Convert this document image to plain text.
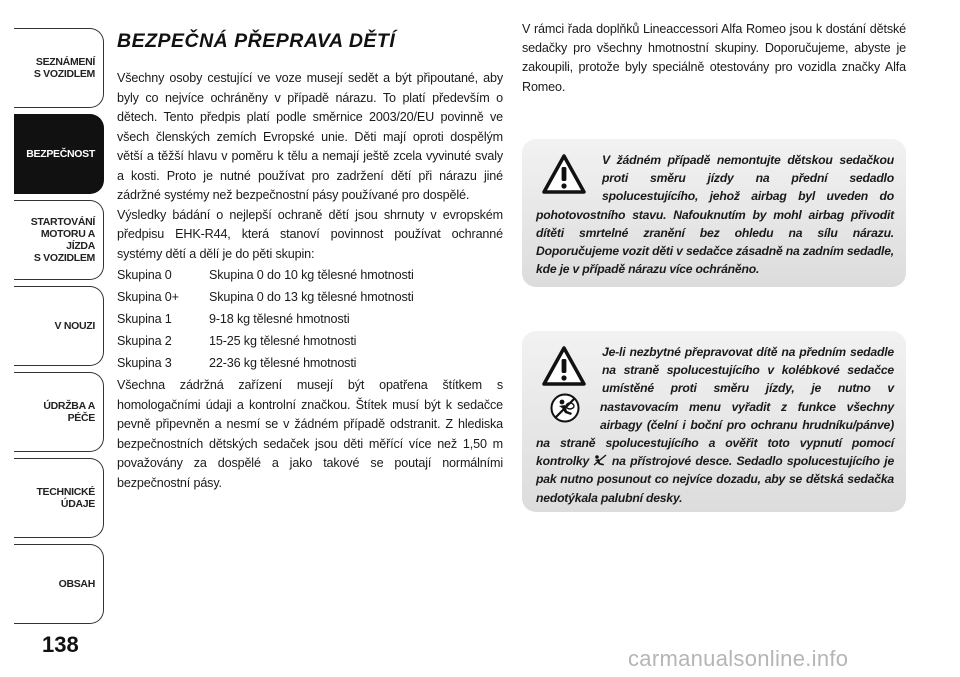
SEZNÁMENÍ
S VOZIDLEM
BEZPEČNOST
STARTOVÁNÍ
MOTORU A JÍZDA
S VOZIDLEM
V NOUZI
ÚDRŽBA A PÉČE
TECHNICKÉ
ÚDAJE
OBSAH
138
BEZPEČNÁ PŘEPRAVA DĚTÍ

Všechny osoby cestující ve voze musejí sedět a být připoutané, aby byly co nejvíce ochráněny v případě nárazu. To platí především o dětech. Tento předpis platí podle směrnice 2003/20/EU povinně ve všech členských zemích Evropské unie. Děti mají oproti dospělým větší a těžší hlavu v poměru k tělu a nemají ještě zcela vyvinuté svaly a kosti. Proto je nutné používat pro zadržení dětí při nárazu jiné zádržné systémy než bezpečnostní pásy používané pro dospělé.

Výsledky bádání o nejlepší ochraně dětí jsou shrnuty v evropském předpisu EHK-R44, která stanoví povinnost používat ochranné systémy dětí a dělí je do pěti skupin:

Skupina 0	Skupina 0 do 10 kg tělesné hmotnosti
Skupina 0+	Skupina 0 do 13 kg tělesné hmotnosti
Skupina 1	9-18 kg tělesné hmotnosti
Skupina 2	15-25 kg tělesné hmotnosti
Skupina 3	22-36 kg tělesné hmotnosti

Všechna zádržná zařízení musejí být opatřena štítkem s homologačními údaji a kontrolní značkou. Štítek musí být k sedačce pevně připevněn a nesmí se v žádném případě odstranit. Z hlediska bezpečnostních dětských sedaček jsou děti měřící více než 1,50 m považovány za dospělé a jako takové se poutají normálními bezpečnostní pásy.

V rámci řada doplňků Lineaccessori Alfa Romeo jsou k dostání dětské sedačky pro všechny hmotnostní skupiny. Doporučujeme, abyste je zakoupili, protože byly speciálně otestovány pro vozidla značky Alfa Romeo.

V žádném případě nemontujte dětskou sedačkou proti směru jízdy na přední sedadlo spolucestujícího, jehož airbag byl uveden do pohotovostního stavu. Nafouknutím by mohl airbag přivodit dítěti smrtelné zranění bez ohledu na sílu nárazu. Doporučujeme vozit děti v sedačce zásadně na zadním sedadle, kde je v případě nárazu více ochráněno.

Je-li nezbytné přepravovat dítě na předním sedadle na straně spolucestujícího v kolébkové sedačce umístěné proti směru jízdy, je nutno v nastavovacím menu vyřadit z funkce všechny airbagy (čelní i boční pro ochranu hrudníku/pánve) na straně spolucestujícího a ověřit toto vypnutí pomocí kontrolky na přístrojové desce. Sedadlo spolucestujícího je pak nutno posunout co nejvíce dozadu, aby se dětská sedačka nedotýkala palubní desky.

carmanualsonline.info
